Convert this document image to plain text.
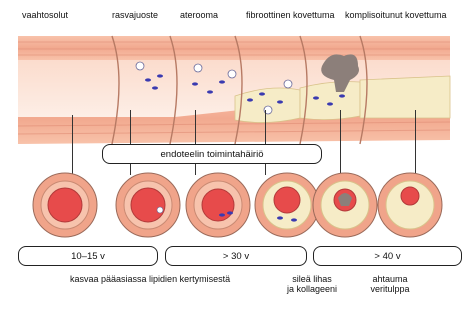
vaahtosolut	rasvajuoste aterooma	fibroottinen kovettuma komplisoitunut kovettuma
endoteelin toimintahäiriö
10–15 v	> 30 v	> 40 v
kasvaa pääasiassa lipidien kertymisestä	sileä lihas
ja kollageeni
ahtauma
veritulppa
